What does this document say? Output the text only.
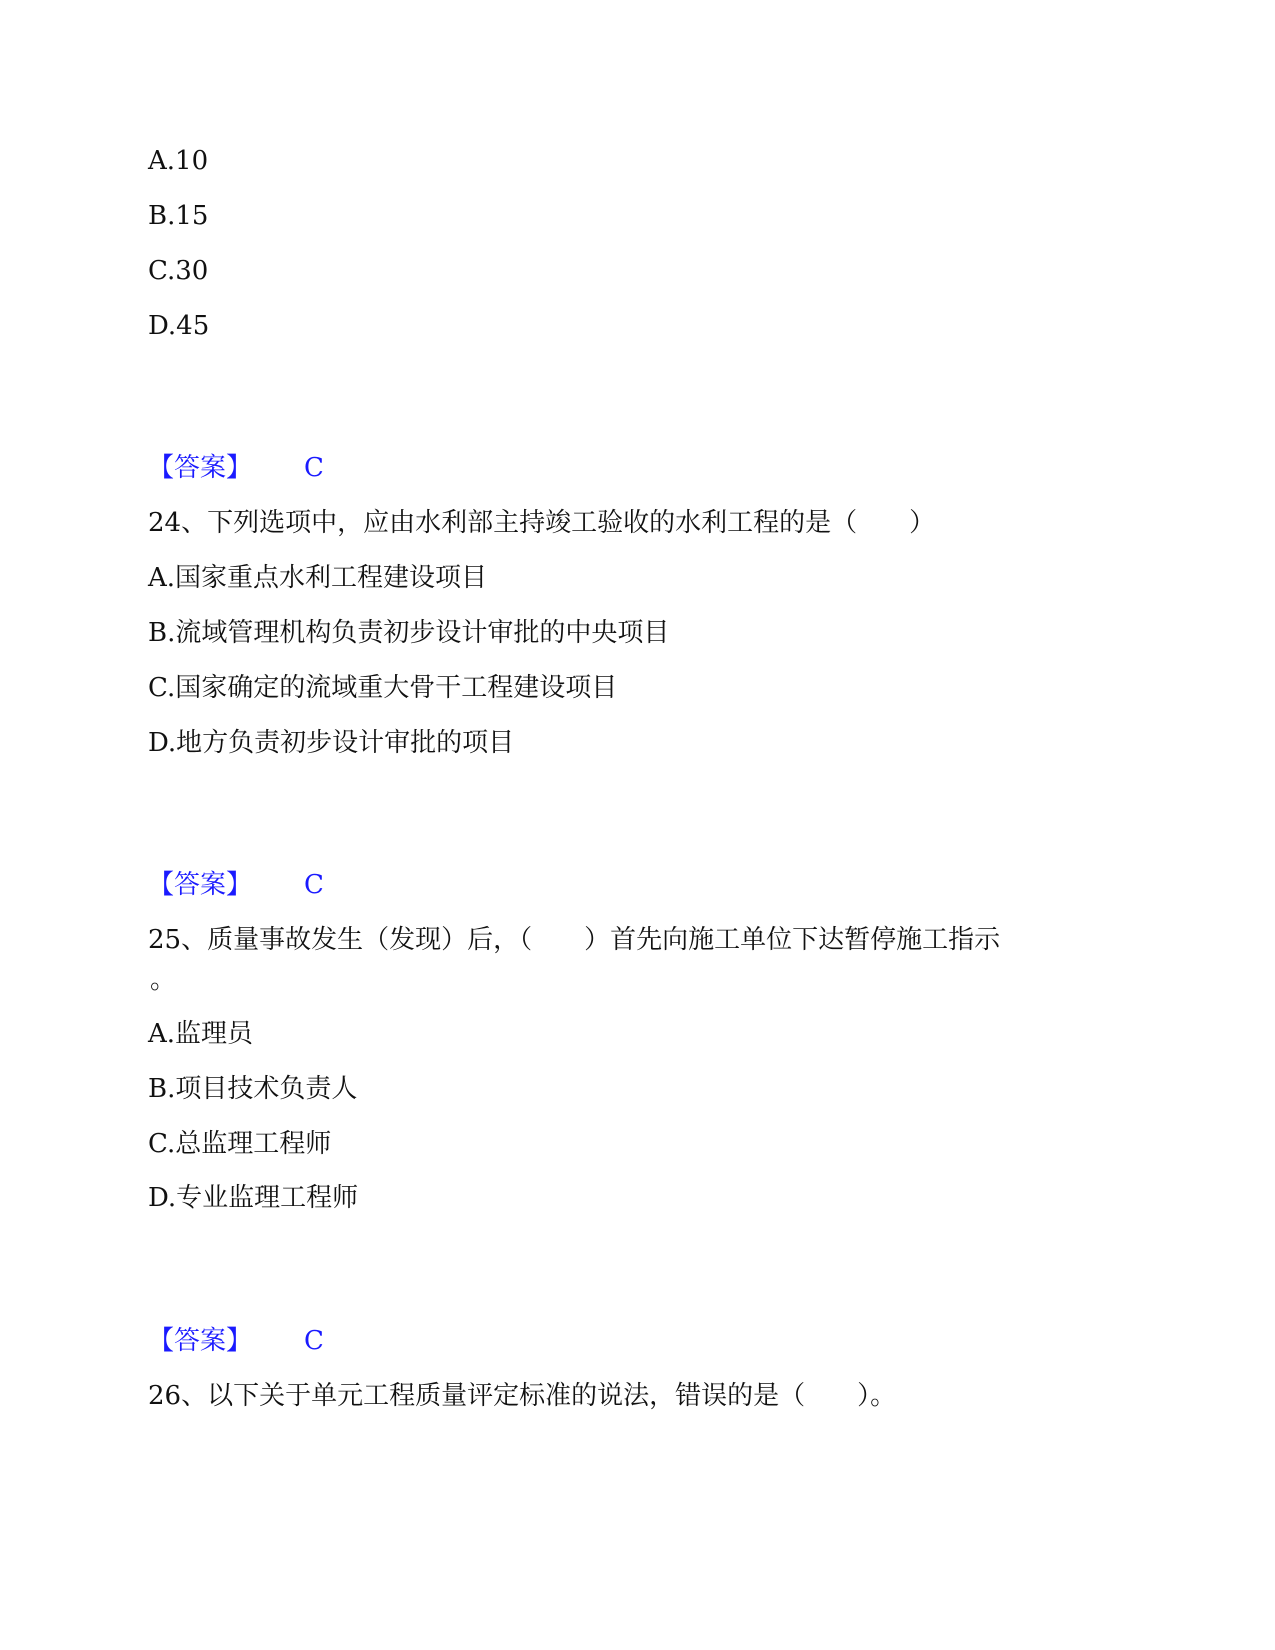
A.10
B.15
C.30
D.45
【答案】 C
24、下列选项中，应由水利部主持竣工验收的水利工程的是（　　）
A.国家重点水利工程建设项目
B.流域管理机构负责初步设计审批的中央项目
C.国家确定的流域重大骨干工程建设项目
D.地方负责初步设计审批的项目
【答案】 C
25、质量事故发生（发现）后，（　　）首先向施工单位下达暂停施工指示
。
A.监理员
B.项目技术负责人
C.总监理工程师
D.专业监理工程师
【答案】 C
26、以下关于单元工程质量评定标准的说法，错误的是（　　）。
